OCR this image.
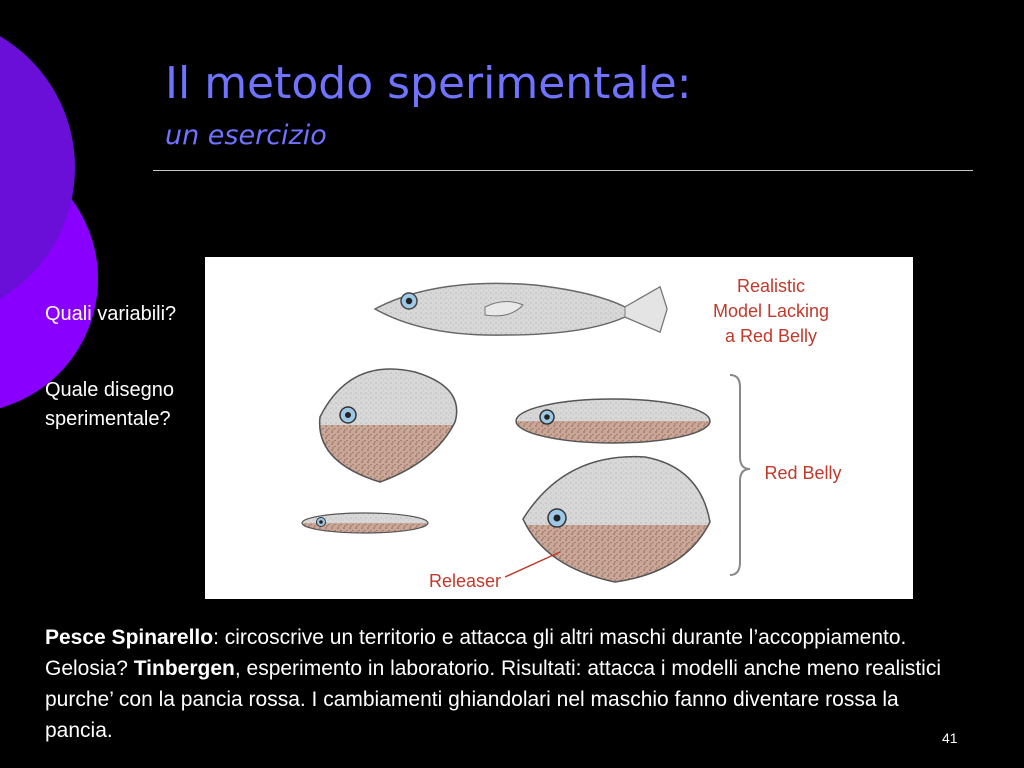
Il metodo sperimentale:
un esercizio
Quali variabili?
Quale disegno sperimentale?
Realistic
Model Lacking
a Red Belly
Red Belly
Releaser
Pesce Spinarello: circoscrive un territorio e attacca gli altri maschi durante l’accoppiamento. Gelosia? Tinbergen, esperimento in laboratorio. Risultati: attacca i modelli anche meno realistici purche’ con la pancia rossa. I cambiamenti ghiandolari nel maschio fanno diventare rossa la pancia.	41
